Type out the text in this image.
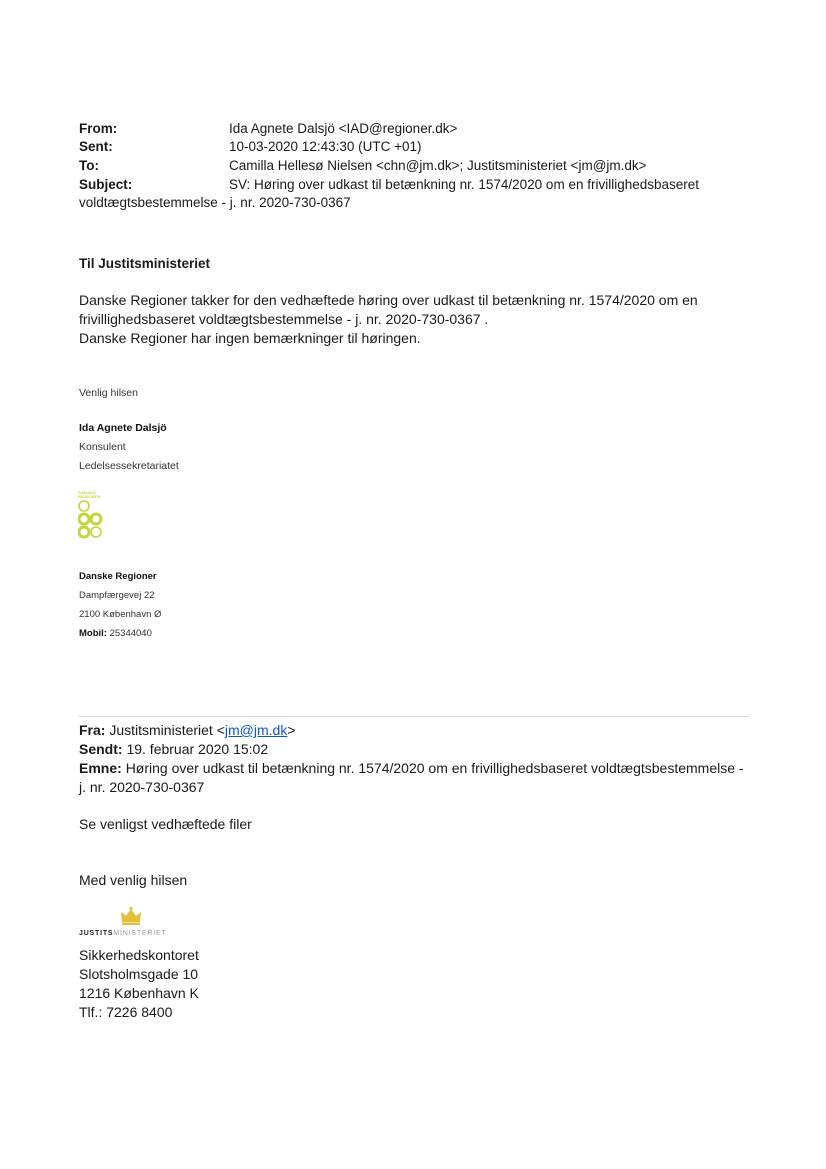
From:	Ida Agnete Dalsjö <IAD@regioner.dk>
Sent:	10-03-2020 12:43:30 (UTC +01)
To:	Camilla Hellesø Nielsen <chn@jm.dk>; Justitsministeriet <jm@jm.dk>
Subject:	SV: Høring over udkast til betænkning nr. 1574/2020 om en frivillighedsbaseret
voldtægtsbestemmelse - j. nr. 2020-730-0367
Til Justitsministeriet
Danske Regioner takker for den vedhæftede høring over udkast til betænkning nr. 1574/2020 om en
frivillighedsbaseret voldtægtsbestemmelse - j. nr. 2020-730-0367 .
Danske Regioner har ingen bemærkninger til høringen.
Venlig hilsen
Ida Agnete Dalsjö
Konsulent
Ledelsessekretariatet
DANSKE
REGIONER
Danske Regioner
Dampfærgevej 22
2100 København Ø
Mobil: 25344040
Fra: Justitsministeriet <jm@jm.dk>
Sendt: 19. februar 2020 15:02
Emne: Høring over udkast til betænkning nr. 1574/2020 om en frivillighedsbaseret voldtægtsbestemmelse -
j. nr. 2020-730-0367
Se venligst vedhæftede filer
Med venlig hilsen
JUSTITSMINISTERIET
Sikkerhedskontoret
Slotsholmsgade 10
1216 København K
Tlf.: 7226 8400
